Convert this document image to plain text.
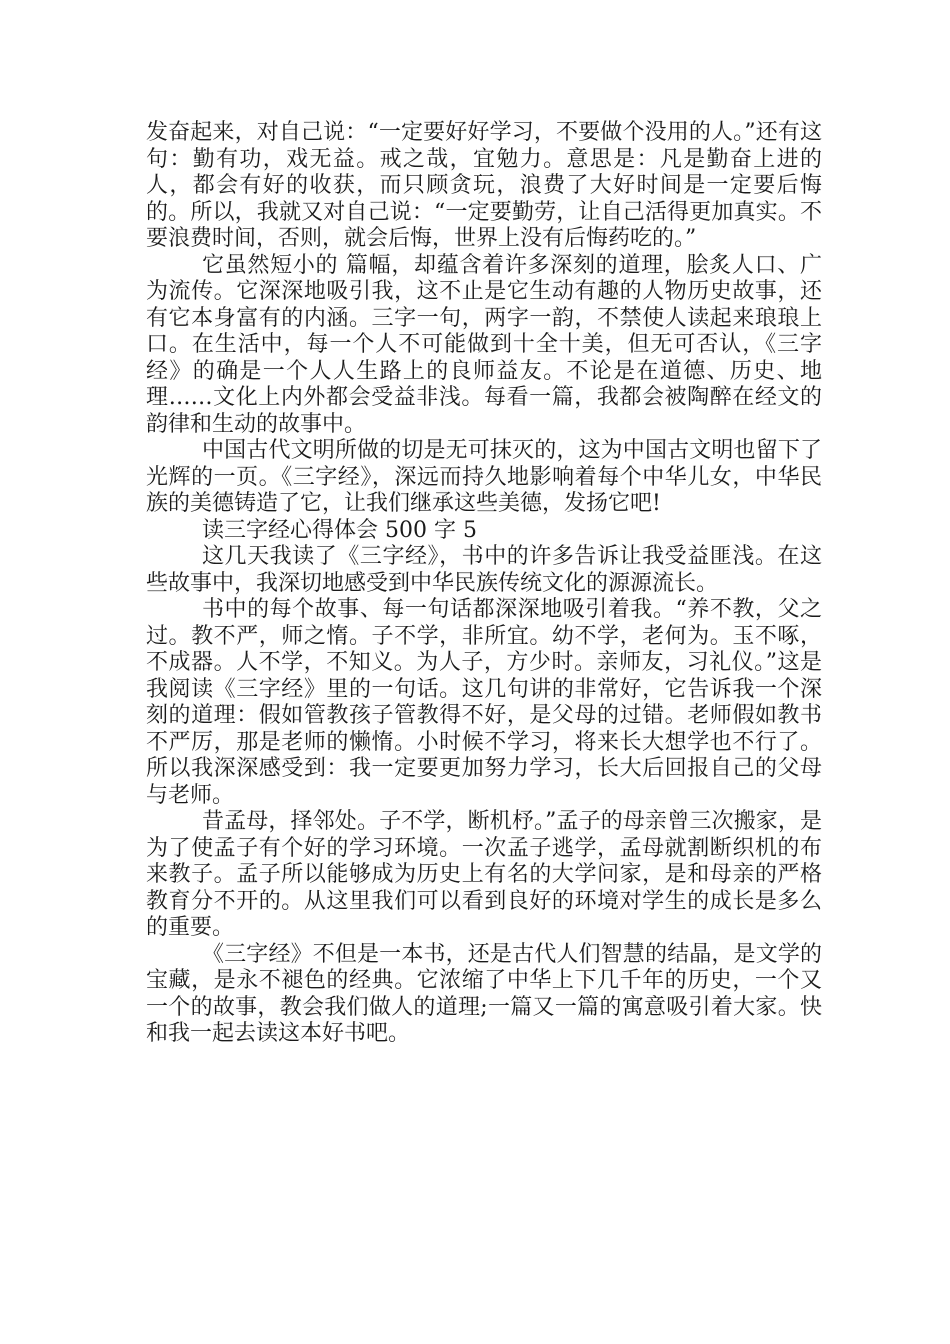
发奋起来，对自己说：“一定要好好学习，不要做个没用的人。”还有这句：勤有功，戏无益。戒之哉，宜勉力。意思是：凡是勤奋上进的人，都会有好的收获，而只顾贪玩，浪费了大好时间是一定要后悔的。所以，我就又对自己说：“一定要勤劳，让自己活得更加真实。不要浪费时间，否则，就会后悔，世界上没有后悔药吃的。”

它虽然短小的 篇幅，却蕴含着许多深刻的道理，脍炙人口、广为流传。它深深地吸引我，这不止是它生动有趣的人物历史故事，还有它本身富有的内涵。三字一句，两字一韵，不禁使人读起来琅琅上口。在生活中，每一个人不可能做到十全十美，但无可否认，《三字经》的确是一个人人生路上的良师益友。不论是在道德、历史、地理……文化上内外都会受益非浅。每看一篇，我都会被陶醉在经文的韵律和生动的故事中。

中国古代文明所做的切是无可抹灭的，这为中国古文明也留下了光辉的一页。《三字经》，深远而持久地影响着每个中华儿女，中华民族的美德铸造了它，让我们继承这些美德，发扬它吧!

读三字经心得体会 500 字 5

这几天我读了《三字经》，书中的许多告诉让我受益匪浅。在这些故事中，我深切地感受到中华民族传统文化的源源流长。

书中的每个故事、每一句话都深深地吸引着我。“养不教，父之过。教不严，师之惰。子不学，非所宜。幼不学，老何为。玉不啄，不成器。人不学，不知义。为人子，方少时。亲师友，习礼仪。”这是我阅读《三字经》里的一句话。这几句讲的非常好，它告诉我一个深刻的道理：假如管教孩子管教得不好，是父母的过错。老师假如教书不严厉，那是老师的懒惰。小时候不学习，将来长大想学也不行了。所以我深深感受到：我一定要更加努力学习，长大后回报自己的父母与老师。

昔孟母，择邻处。子不学，断机杼。”孟子的母亲曾三次搬家，是为了使孟子有个好的学习环境。一次孟子逃学，孟母就割断织机的布来教子。孟子所以能够成为历史上有名的大学问家，是和母亲的严格教育分不开的。从这里我们可以看到良好的环境对学生的成长是多么的重要。

《三字经》不但是一本书，还是古代人们智慧的结晶，是文学的宝藏，是永不褪色的经典。它浓缩了中华上下几千年的历史，一个又一个的故事，教会我们做人的道理;一篇又一篇的寓意吸引着大家。快和我一起去读这本好书吧。
